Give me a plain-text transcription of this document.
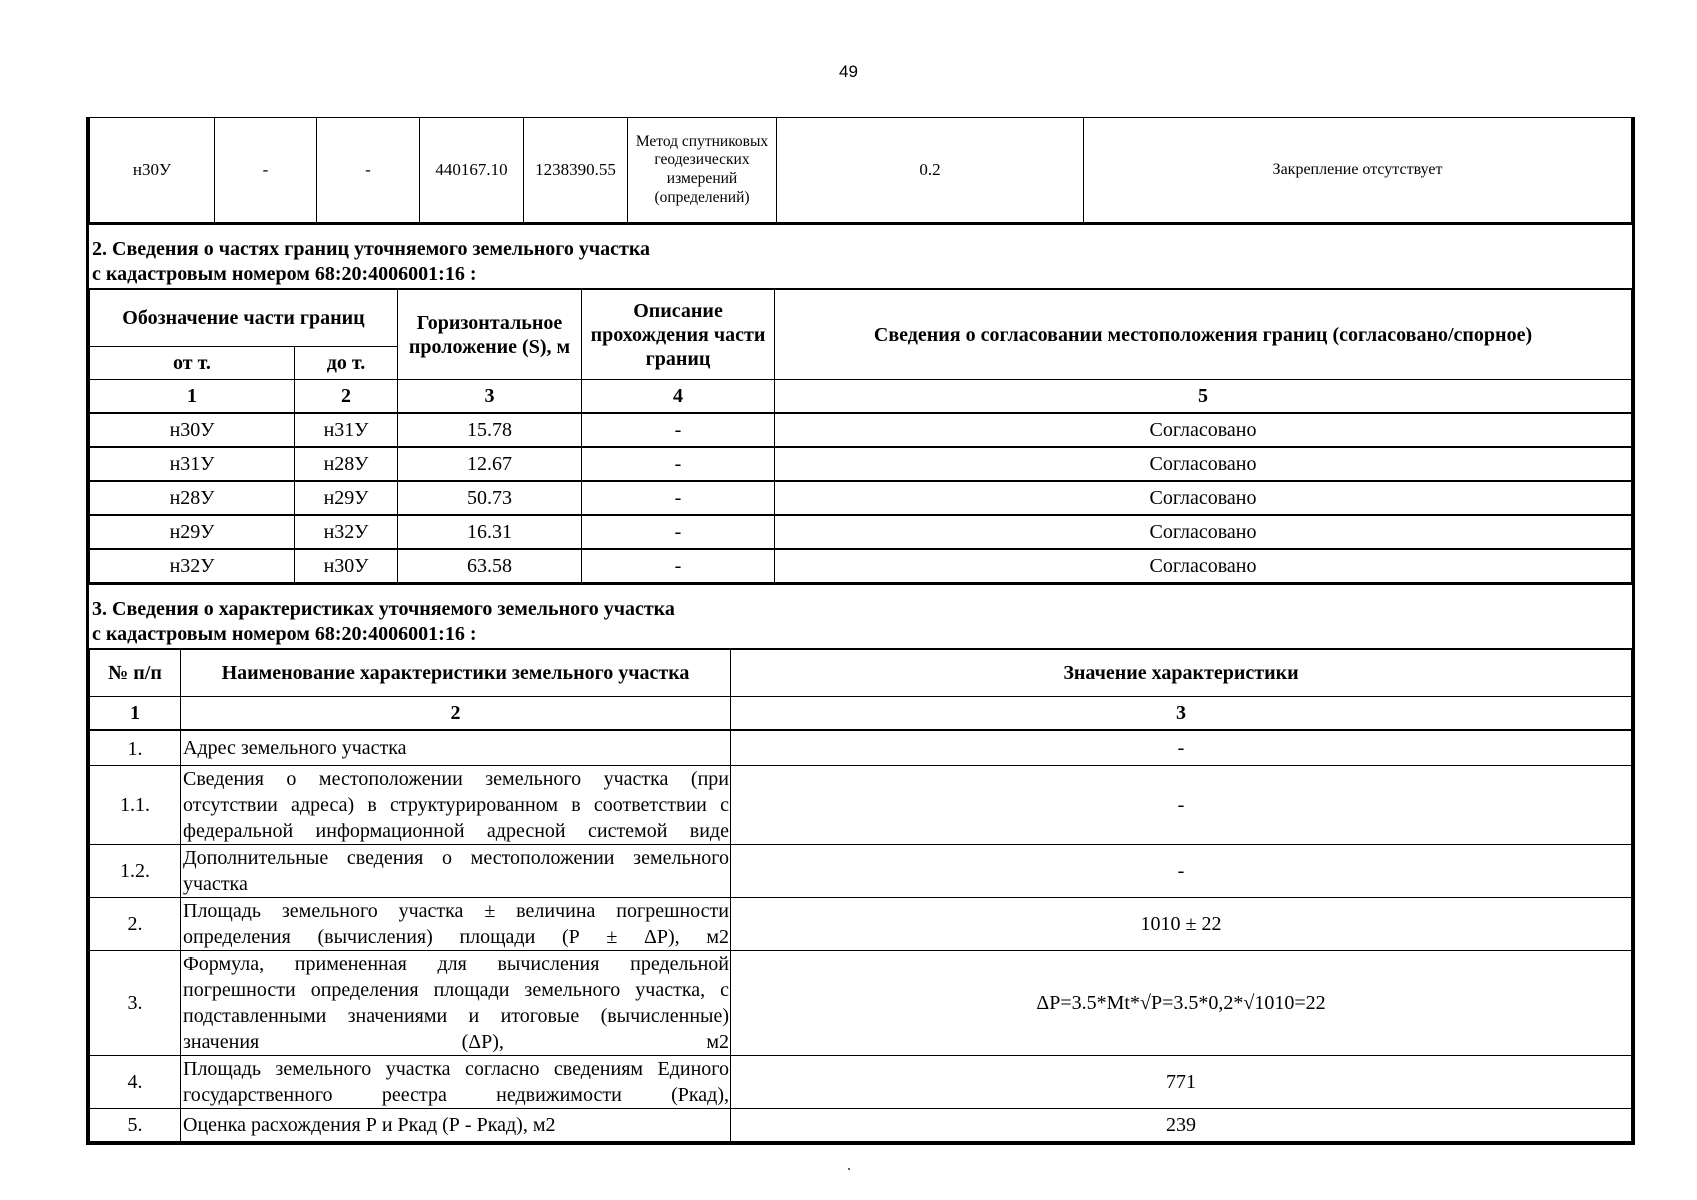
49
н30У	-	-	440167.10	1238390.55	Метод спутниковых геодезических измерений (определений)	0.2	Закрепление отсутствует
2. Сведения о частях границ уточняемого земельного участка
с кадастровым номером 68:20:4006001:16 :
Обозначение части границ		Горизонтальное проложение (S), м	Описание прохождения части границ	Сведения о согласовании местоположения границ (согласовано/спорное)
от т.	до т.			
1	2	3	4	5
н30У	н31У	15.78	-	Согласовано
н31У	н28У	12.67	-	Согласовано
н28У	н29У	50.73	-	Согласовано
н29У	н32У	16.31	-	Согласовано
н32У	н30У	63.58	-	Согласовано
3. Сведения о характеристиках уточняемого земельного участка
с кадастровым номером 68:20:4006001:16 :
№ п/п	Наименование характеристики земельного участка	Значение характеристики
1	2	3
1.	Адрес земельного участка	-
1.1.	Сведения о местоположении земельного участка (при отсутствии адреса) в структурированном в соответствии с федеральной информационной адресной системой виде	-
1.2.	Дополнительные сведения о местоположении земельного участка	-
2.	Площадь земельного участка ± величина погрешности определения (вычисления) площади (Р ± ΔР), м2	1010 ± 22
3.	Формула, примененная для вычисления предельной погрешности определения площади земельного участка, с подставленными значениями и итоговые (вычисленные) значения (ΔР), м2	ΔP=3.5*Mt*√P=3.5*0,2*√1010=22
4.	Площадь земельного участка согласно сведениям Единого государственного реестра недвижимости (Ркад),	771
5.	Оценка расхождения Р и Ркад (Р - Ркад), м2	239
